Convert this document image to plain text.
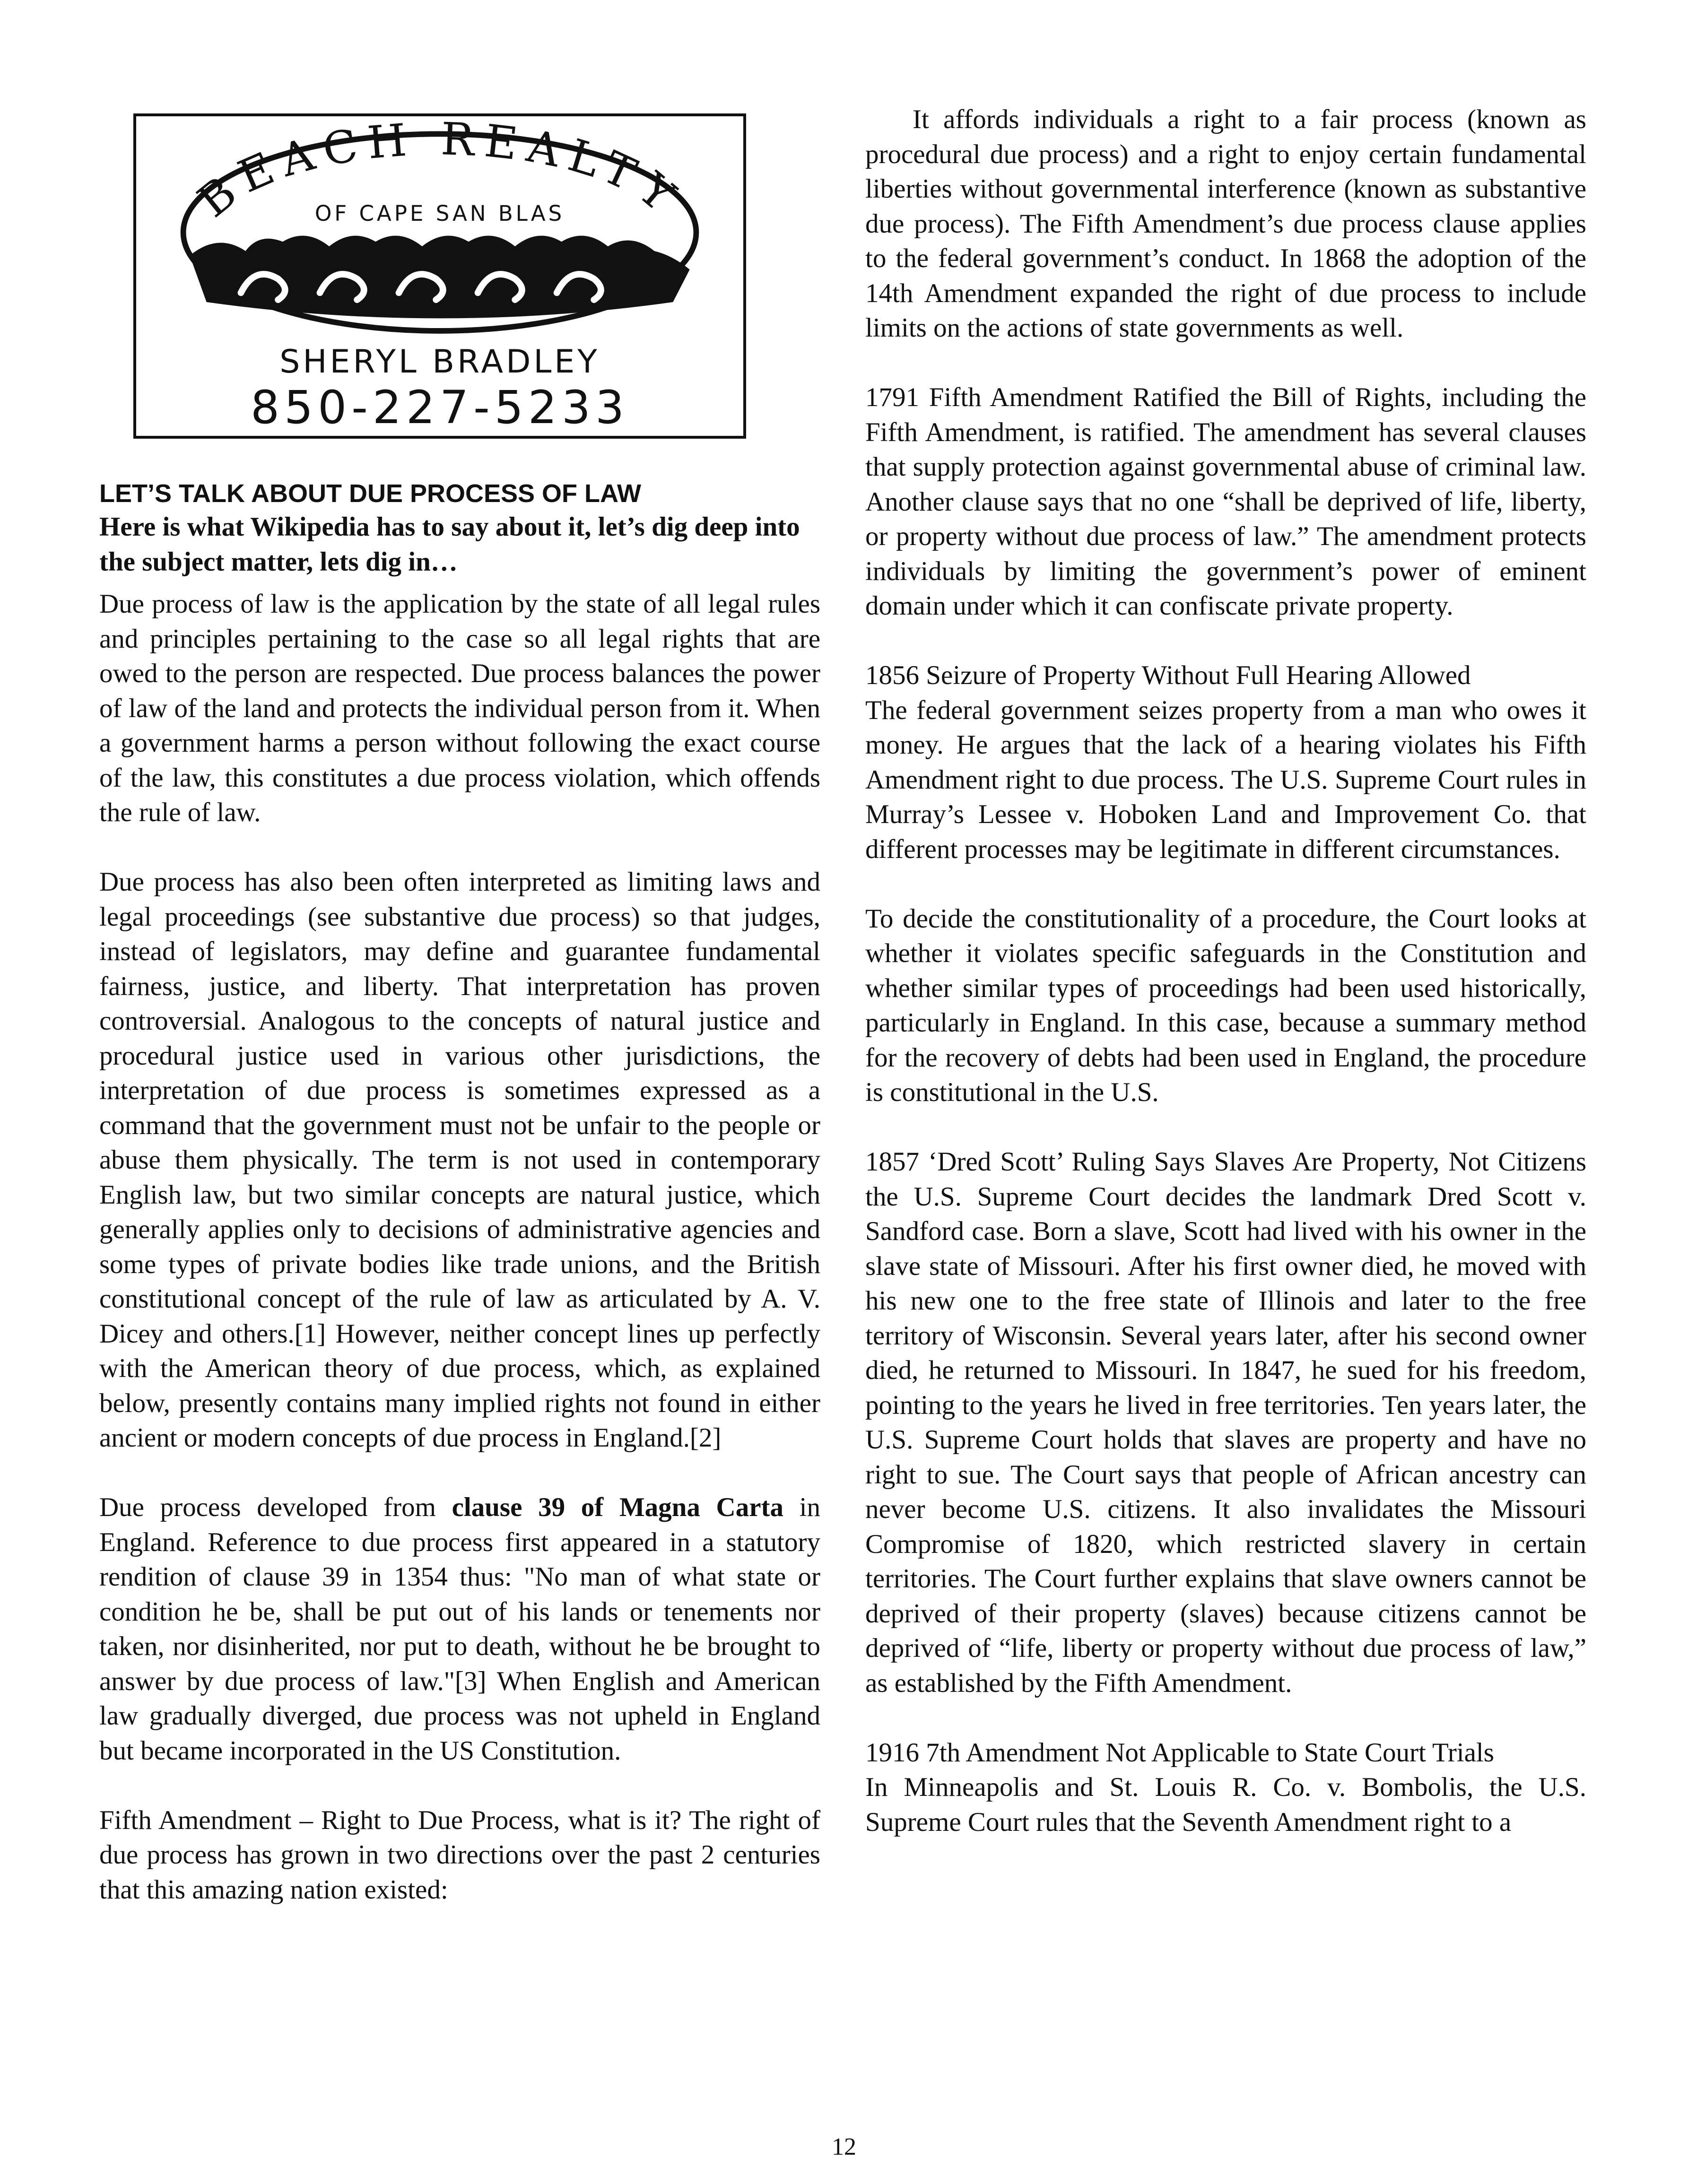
BEACH REALTY
OF CAPE SAN BLAS
SHERYL BRADLEY
850-227-5233

LET’S TALK ABOUT DUE PROCESS OF LAW

Here is what Wikipedia has to say about it, let’s dig deep into the subject matter, lets dig in…

Due process of law is the application by the state of all legal rules and principles pertaining to the case so all legal rights that are owed to the person are respected. Due process balances the power of law of the land and protects the individual person from it. When a government harms a person without following the exact course of the law, this constitutes a due process violation, which offends the rule of law.

Due process has also been often interpreted as limiting laws and legal proceedings (see substantive due process) so that judges, instead of legislators, may define and guarantee fundamental fairness, justice, and liberty. That interpretation has proven controversial. Analogous to the concepts of natural justice and procedural justice used in various other jurisdictions, the interpretation of due process is sometimes expressed as a command that the government must not be unfair to the people or abuse them physically. The term is not used in contemporary English law, but two similar concepts are natural justice, which generally applies only to decisions of administrative agencies and some types of private bodies like trade unions, and the British constitutional concept of the rule of law as articulated by A. V. Dicey and others.[1] However, neither concept lines up perfectly with the American theory of due process, which, as explained below, presently contains many implied rights not found in either ancient or modern concepts of due process in England.[2]

Due process developed from clause 39 of Magna Carta in England. Reference to due process first appeared in a statutory rendition of clause 39 in 1354 thus: "No man of what state or condition he be, shall be put out of his lands or tenements nor taken, nor disinherited, nor put to death, without he be brought to answer by due process of law."[3] When English and American law gradually diverged, due process was not upheld in England but became incorporated in the US Constitution.

Fifth Amendment – Right to Due Process, what is it? The right of due process has grown in two directions over the past 2 centuries that this amazing nation existed:

It affords individuals a right to a fair process (known as procedural due process) and a right to enjoy certain fundamental liberties without governmental interference (known as substantive due process). The Fifth Amendment’s due process clause applies to the federal government’s conduct. In 1868 the adoption of the 14th Amendment expanded the right of due process to include limits on the actions of state governments as well.

1791 Fifth Amendment Ratified the Bill of Rights, including the Fifth Amendment, is ratified. The amendment has several clauses that supply protection against governmental abuse of criminal law. Another clause says that no one “shall be deprived of life, liberty, or property without due process of law.” The amendment protects individuals by limiting the government’s power of eminent domain under which it can confiscate private property.

1856 Seizure of Property Without Full Hearing Allowed
The federal government seizes property from a man who owes it money. He argues that the lack of a hearing violates his Fifth Amendment right to due process. The U.S. Supreme Court rules in Murray’s Lessee v. Hoboken Land and Improvement Co. that different processes may be legitimate in different circumstances.

To decide the constitutionality of a procedure, the Court looks at whether it violates specific safeguards in the Constitution and whether similar types of proceedings had been used historically, particularly in England. In this case, because a summary method for the recovery of debts had been used in England, the procedure is constitutional in the U.S.

1857 ‘Dred Scott’ Ruling Says Slaves Are Property, Not Citizens the U.S. Supreme Court decides the landmark Dred Scott v. Sandford case. Born a slave, Scott had lived with his owner in the slave state of Missouri. After his first owner died, he moved with his new one to the free state of Illinois and later to the free territory of Wisconsin. Several years later, after his second owner died, he returned to Missouri. In 1847, he sued for his freedom, pointing to the years he lived in free territories. Ten years later, the U.S. Supreme Court holds that slaves are property and have no right to sue. The Court says that people of African ancestry can never become U.S. citizens. It also invalidates the Missouri Compromise of 1820, which restricted slavery in certain territories. The Court further explains that slave owners cannot be deprived of their property (slaves) because citizens cannot be deprived of “life, liberty or property without due process of law,” as established by the Fifth Amendment.

1916 7th Amendment Not Applicable to State Court Trials
In Minneapolis and St. Louis R. Co. v. Bombolis, the U.S. Supreme Court rules that the Seventh Amendment right to a

12
